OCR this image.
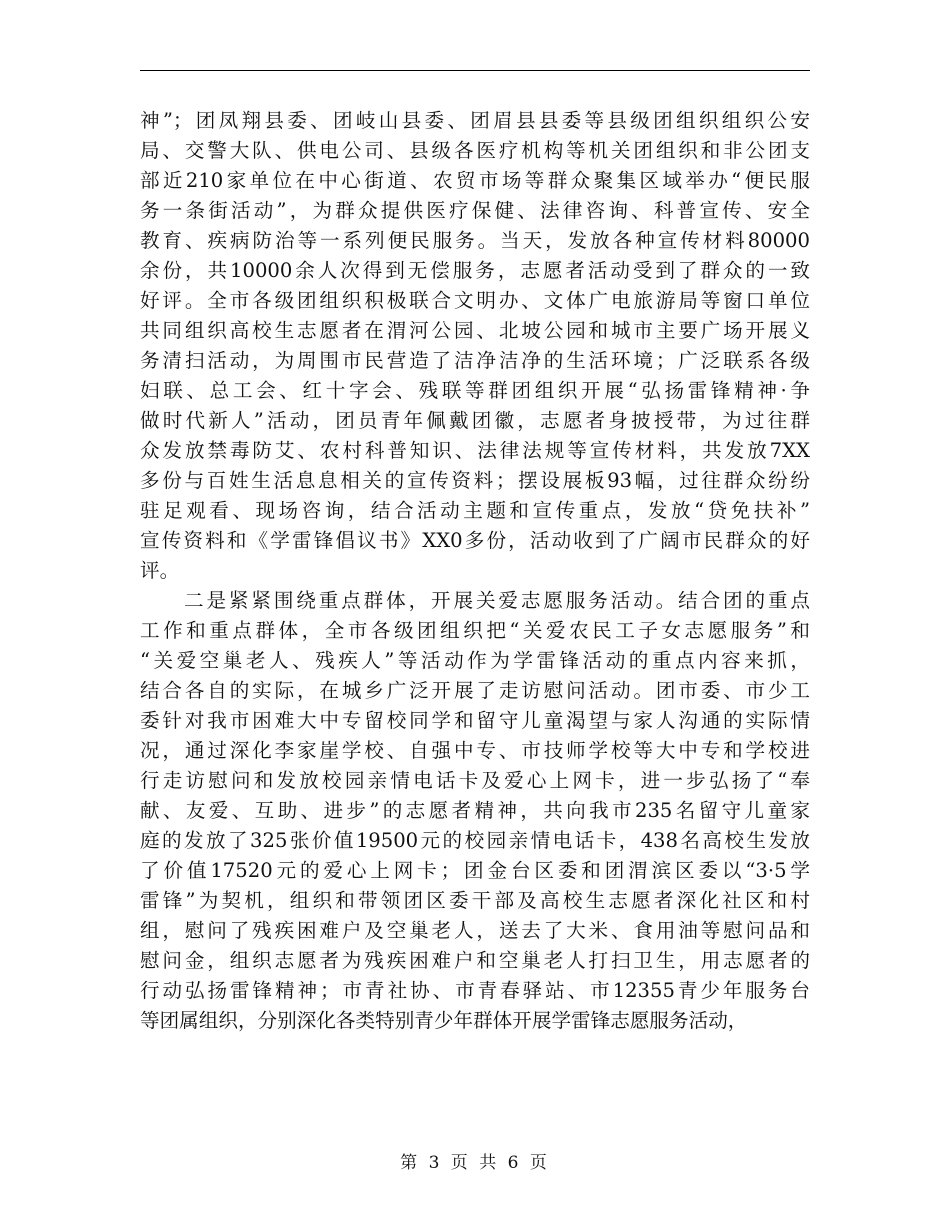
神”；团凤翔县委、团岐山县委、团眉县县委等县级团组织组织公安
局、交警大队、供电公司、县级各医疗机构等机关团组织和非公团支
部近210家单位在中心街道、农贸市场等群众聚集区域举办“便民服
务一条街活动”，为群众提供医疗保健、法律咨询、科普宣传、安全
教育、疾病防治等一系列便民服务。当天，发放各种宣传材料80000
余份，共10000余人次得到无偿服务，志愿者活动受到了群众的一致
好评。全市各级团组织积极联合文明办、文体广电旅游局等窗口单位
共同组织高校生志愿者在渭河公园、北坡公园和城市主要广场开展义
务清扫活动，为周围市民营造了洁净洁净的生活环境；广泛联系各级
妇联、总工会、红十字会、残联等群团组织开展“弘扬雷锋精神·争
做时代新人”活动，团员青年佩戴团徽，志愿者身披授带，为过往群
众发放禁毒防艾、农村科普知识、法律法规等宣传材料，共发放7XX
多份与百姓生活息息相关的宣传资料；摆设展板93幅，过往群众纷纷
驻足观看、现场咨询，结合活动主题和宣传重点，发放“贷免扶补”
宣传资料和《学雷锋倡议书》XX0多份，活动收到了广阔市民群众的好
评。
二是紧紧围绕重点群体，开展关爱志愿服务活动。结合团的重点
工作和重点群体，全市各级团组织把“关爱农民工子女志愿服务”和
“关爱空巢老人、残疾人”等活动作为学雷锋活动的重点内容来抓，
结合各自的实际，在城乡广泛开展了走访慰问活动。团市委、市少工
委针对我市困难大中专留校同学和留守儿童渴望与家人沟通的实际情
况，通过深化李家崖学校、自强中专、市技师学校等大中专和学校进
行走访慰问和发放校园亲情电话卡及爱心上网卡，进一步弘扬了“奉
献、友爱、互助、进步”的志愿者精神，共向我市235名留守儿童家
庭的发放了325张价值19500元的校园亲情电话卡，438名高校生发放
了价值17520元的爱心上网卡；团金台区委和团渭滨区委以“3·5学
雷锋”为契机，组织和带领团区委干部及高校生志愿者深化社区和村
组，慰问了残疾困难户及空巢老人，送去了大米、食用油等慰问品和
慰问金，组织志愿者为残疾困难户和空巢老人打扫卫生，用志愿者的
行动弘扬雷锋精神；市青社协、市青春驿站、市12355青少年服务台
等团属组织，分别深化各类特别青少年群体开展学雷锋志愿服务活动，
第 3 页 共 6 页
